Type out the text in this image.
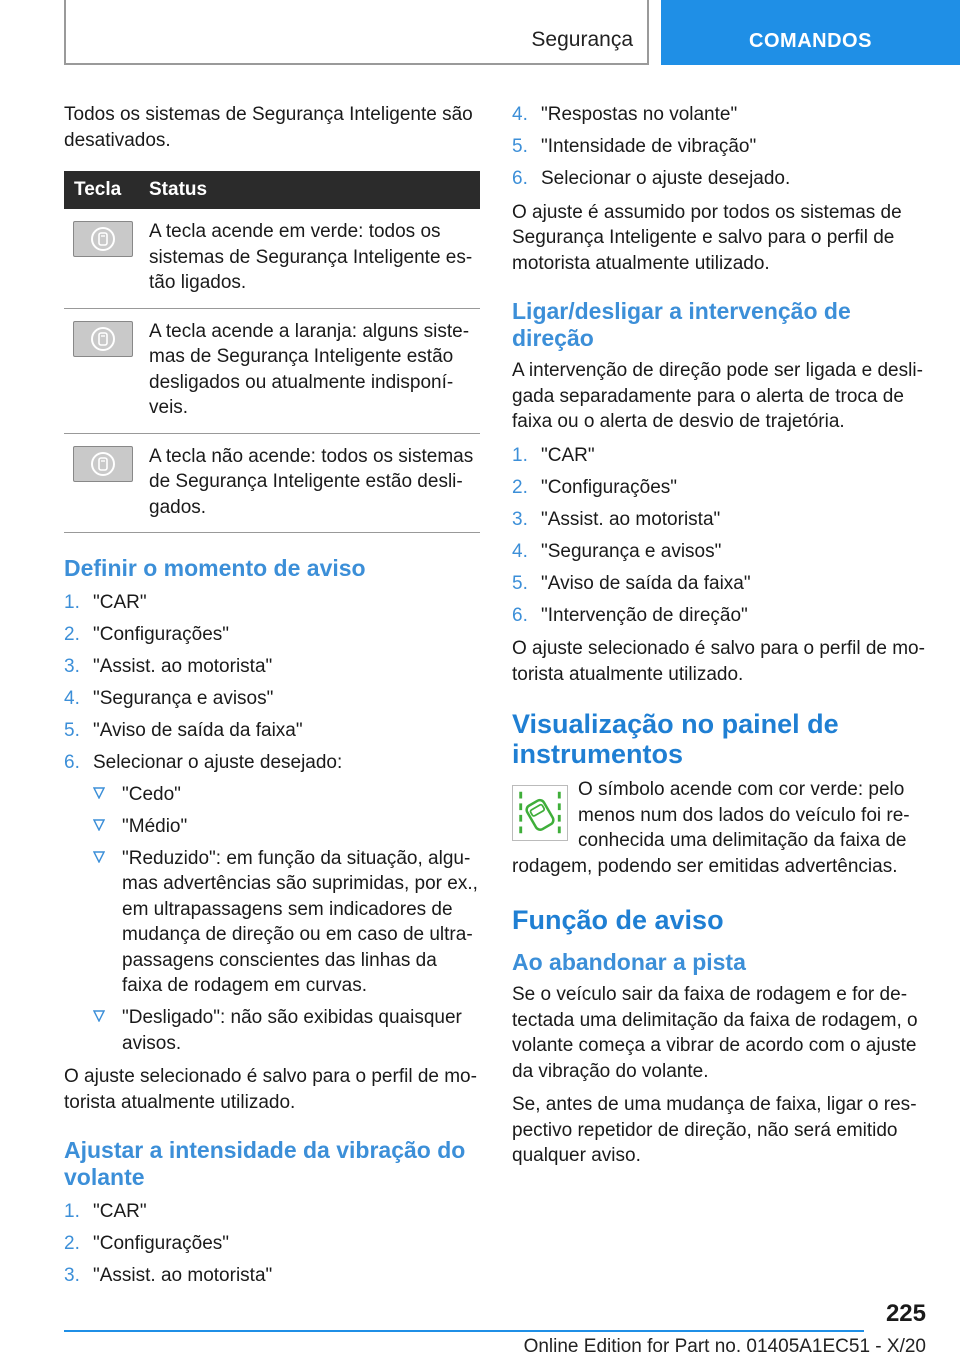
Segurança	COMANDOS

Todos os sistemas de Segurança Inteligente são desativados.

Tecla	Status

	A tecla acende em verde: todos os sistemas de Segurança Inteligente estão ligados.

	A tecla acende a laranja: alguns sistemas de Segurança Inteligente estão desligados ou atualmente indisponíveis.

	A tecla não acende: todos os sistemas de Segurança Inteligente estão desligados.
Definir o momento de aviso
1. "CAR"
2. "Configurações"
3. "Assist. ao motorista"
4. "Segurança e avisos"
5. "Aviso de saída da faixa"
6. Selecionar o ajuste desejado:
"Cedo"
"Médio"
"Reduzido": em função da situação, algumas advertências são suprimidas, por ex., em ultrapassagens sem indicadores de mudança de direção ou em caso de ultrapassagens conscientes das linhas da faixa de rodagem em curvas.
"Desligado": não são exibidas quaisquer avisos.

O ajuste selecionado é salvo para o perfil de motorista atualmente utilizado.

Ajustar a intensidade da vibração do volante
1. "CAR"
2. "Configurações"
3. "Assist. ao motorista"
4. "Respostas no volante"
5. "Intensidade de vibração"
6. Selecionar o ajuste desejado.

O ajuste é assumido por todos os sistemas de Segurança Inteligente e salvo para o perfil de motorista atualmente utilizado.

Ligar/desligar a intervenção de direção

A intervenção de direção pode ser ligada e desligada separadamente para o alerta de troca de faixa ou o alerta de desvio de trajetória.

1. "CAR"
2. "Configurações"
3. "Assist. ao motorista"
4. "Segurança e avisos"
5. "Aviso de saída da faixa"
6. "Intervenção de direção"

O ajuste selecionado é salvo para o perfil de motorista atualmente utilizado.

Visualização no painel de instrumentos

O símbolo acende com cor verde: pelo menos num dos lados do veículo foi reconhecida uma delimitação da faixa de rodagem, podendo ser emitidas advertências.

Função de aviso
Ao abandonar a pista

Se o veículo sair da faixa de rodagem e for detectada uma delimitação da faixa de rodagem, o volante começa a vibrar de acordo com o ajuste da vibração do volante.

Se, antes de uma mudança de faixa, ligar o respectivo repetidor de direção, não será emitido qualquer aviso.

225
Online Edition for Part no. 01405A1EC51 - X/20
